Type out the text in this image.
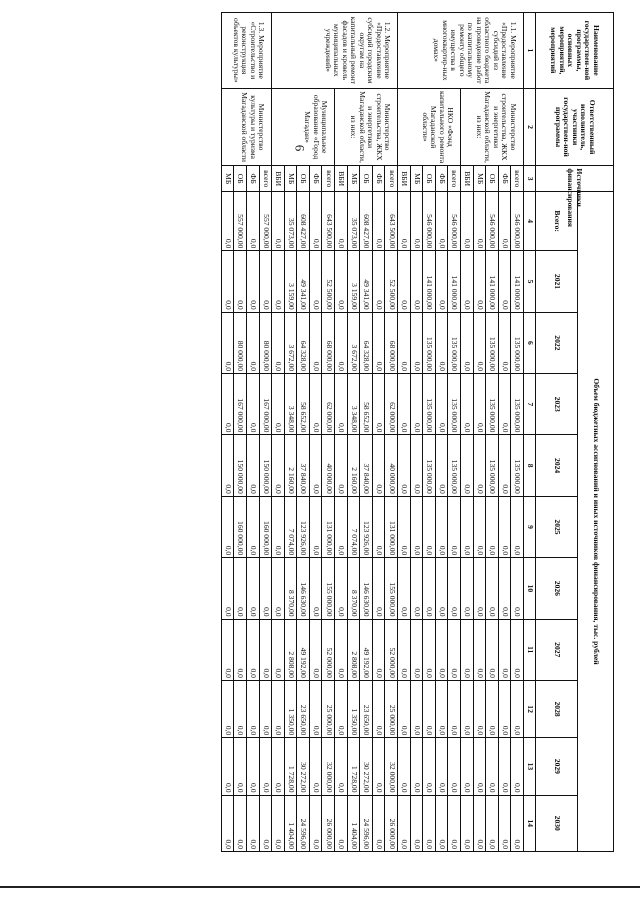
6
Наименование государствен-ной программы, основных мероприятий, мероприятий	Ответственный исполнитель, участники государствен-ной программы	Источники финансирования	Объем бюджетных ассигнований и иных источников финансирования, тыс. рублей										
			Всего:	2021	2022	2023	2024	2025	2026	2027	2028	2029	2030
1	2	3	4	5	6	7	8	9	10	11	12	13	14
1.1. Мероприятие «Предоставление субсидий из областного бюджета на проведение работ по капитальному ремонту общего имущества в многоквартир-ных домах»	Министерство строительства, ЖКХ и энергетики Магаданской области, из них:	всего	546 000,00	141 000,00	135 000,00	135 000,00	135 000,00	0,0	0,0	0,0	0,0	0,0	0,0
		ФБ	0,0	0,0	0,0	0,0	0,0	0,0	0,0	0,0	0,0	0,0	0,0
		ОБ	546 000,00	141 000,00	135 000,00	135 000,00	135 000,00	0,0	0,0	0,0	0,0	0,0	0,0
		МБ	0,0	0,0	0,0	0,0	0,0	0,0	0,0	0,0	0,0	0,0	0,0
		ВБИ	0,0	0,0	0,0	0,0	0,0	0,0	0,0	0,0	0,0	0,0	0,0
	НКО «Фонд капитального ремонта Магаданской области»	всего	546 000,00	141 000,00	135 000,00	135 000,00	135 000,00	0,0	0,0	0,0	0,0	0,0	0,0
		ФБ	0,0	0,0	0,0	0,0	0,0	0,0	0,0	0,0	0,0	0,0	0,0
		ОБ	546 000,00	141 000,00	135 000,00	135 000,00	135 000,00	0,0	0,0	0,0	0,0	0,0	0,0
		МБ	0,0	0,0	0,0	0,0	0,0	0,0	0,0	0,0	0,0	0,0	0,0
		ВБИ	0,0	0,0	0,0	0,0	0,0	0,0	0,0	0,0	0,0	0,0	0,0
1.2. Мероприятие «Предоставление субсидий городским округам на капитальный ремонт фасадов и кровель муниципальных учреждений»	Министерство строительства, ЖКХ и энергетики Магаданской области, из них:	всего	643 500,00	52 500,00	68 000,00	62 000,00	40 000,00	131 000,00	155 000,00	52 000,00	25 000,00	32 000,00	26 000,00
		ФБ	0,0	0,0	0,0	0,0	0,0	0,0	0,0	0,0	0,0	0,0	0,0
		ОБ	608 427,00	49 341,00	64 328,00	58 652,00	37 840,00	123 926,00	146 630,00	49 192,00	23 650,00	30 272,00	24 596,00
		МБ	35 073,00	3 159,00	3 672,00	3 348,00	2 160,00	7 074,00	8 370,00	2 808,00	1 350,00	1 728,00	1 404,00
		ВБИ	0,0	0,0	0,0	0,0	0,0	0,0	0,0	0,0	0,0	0,0	0,0
	Муниципальное образование «Город Магадан»	всего	643 500,00	52 500,00	68 000,00	62 000,00	40 000,00	131 000,00	155 000,00	52 000,00	25 000,00	32 000,00	26 000,00
		ФБ	0,0	0,0	0,0	0,0	0,0	0,0	0,0	0,0	0,0	0,0	0,0
		ОБ	608 427,00	49 341,00	64 328,00	58 652,00	37 840,00	123 926,00	146 630,00	49 192,00	23 650,00	30 272,00	24 596,00
		МБ	35 073,00	3 159,00	3 672,00	3 348,00	2 160,00	7 074,00	8 370,00	2 808,00	1 350,00	1 728,00	1 404,00
		ВБИ	0,0	0,0	0,0	0,0	0,0	0,0	0,0	0,0	0,0	0,0	0,0
1.3. Мероприятие «Строительство и реконструкция объектов культуры»	Министерство культуры и туризма Магаданской области	всего	557 000,00	0,0	80 000,00	167 000,00	150 000,00	160 000,00	0,0	0,0	0,0	0,0	0,0
		ФБ	0,0	0,0	0,0	0,0	0,0	0,0	0,0	0,0	0,0	0,0	0,0
		ОБ	557 000,00	0,0	80 000,00	167 000,00	150 000,00	160 000,00	0,0	0,0	0,0	0,0	0,0
		МБ	0,0	0,0	0,0	0,0	0,0	0,0	0,0	0,0	0,0	0,0	0,0
